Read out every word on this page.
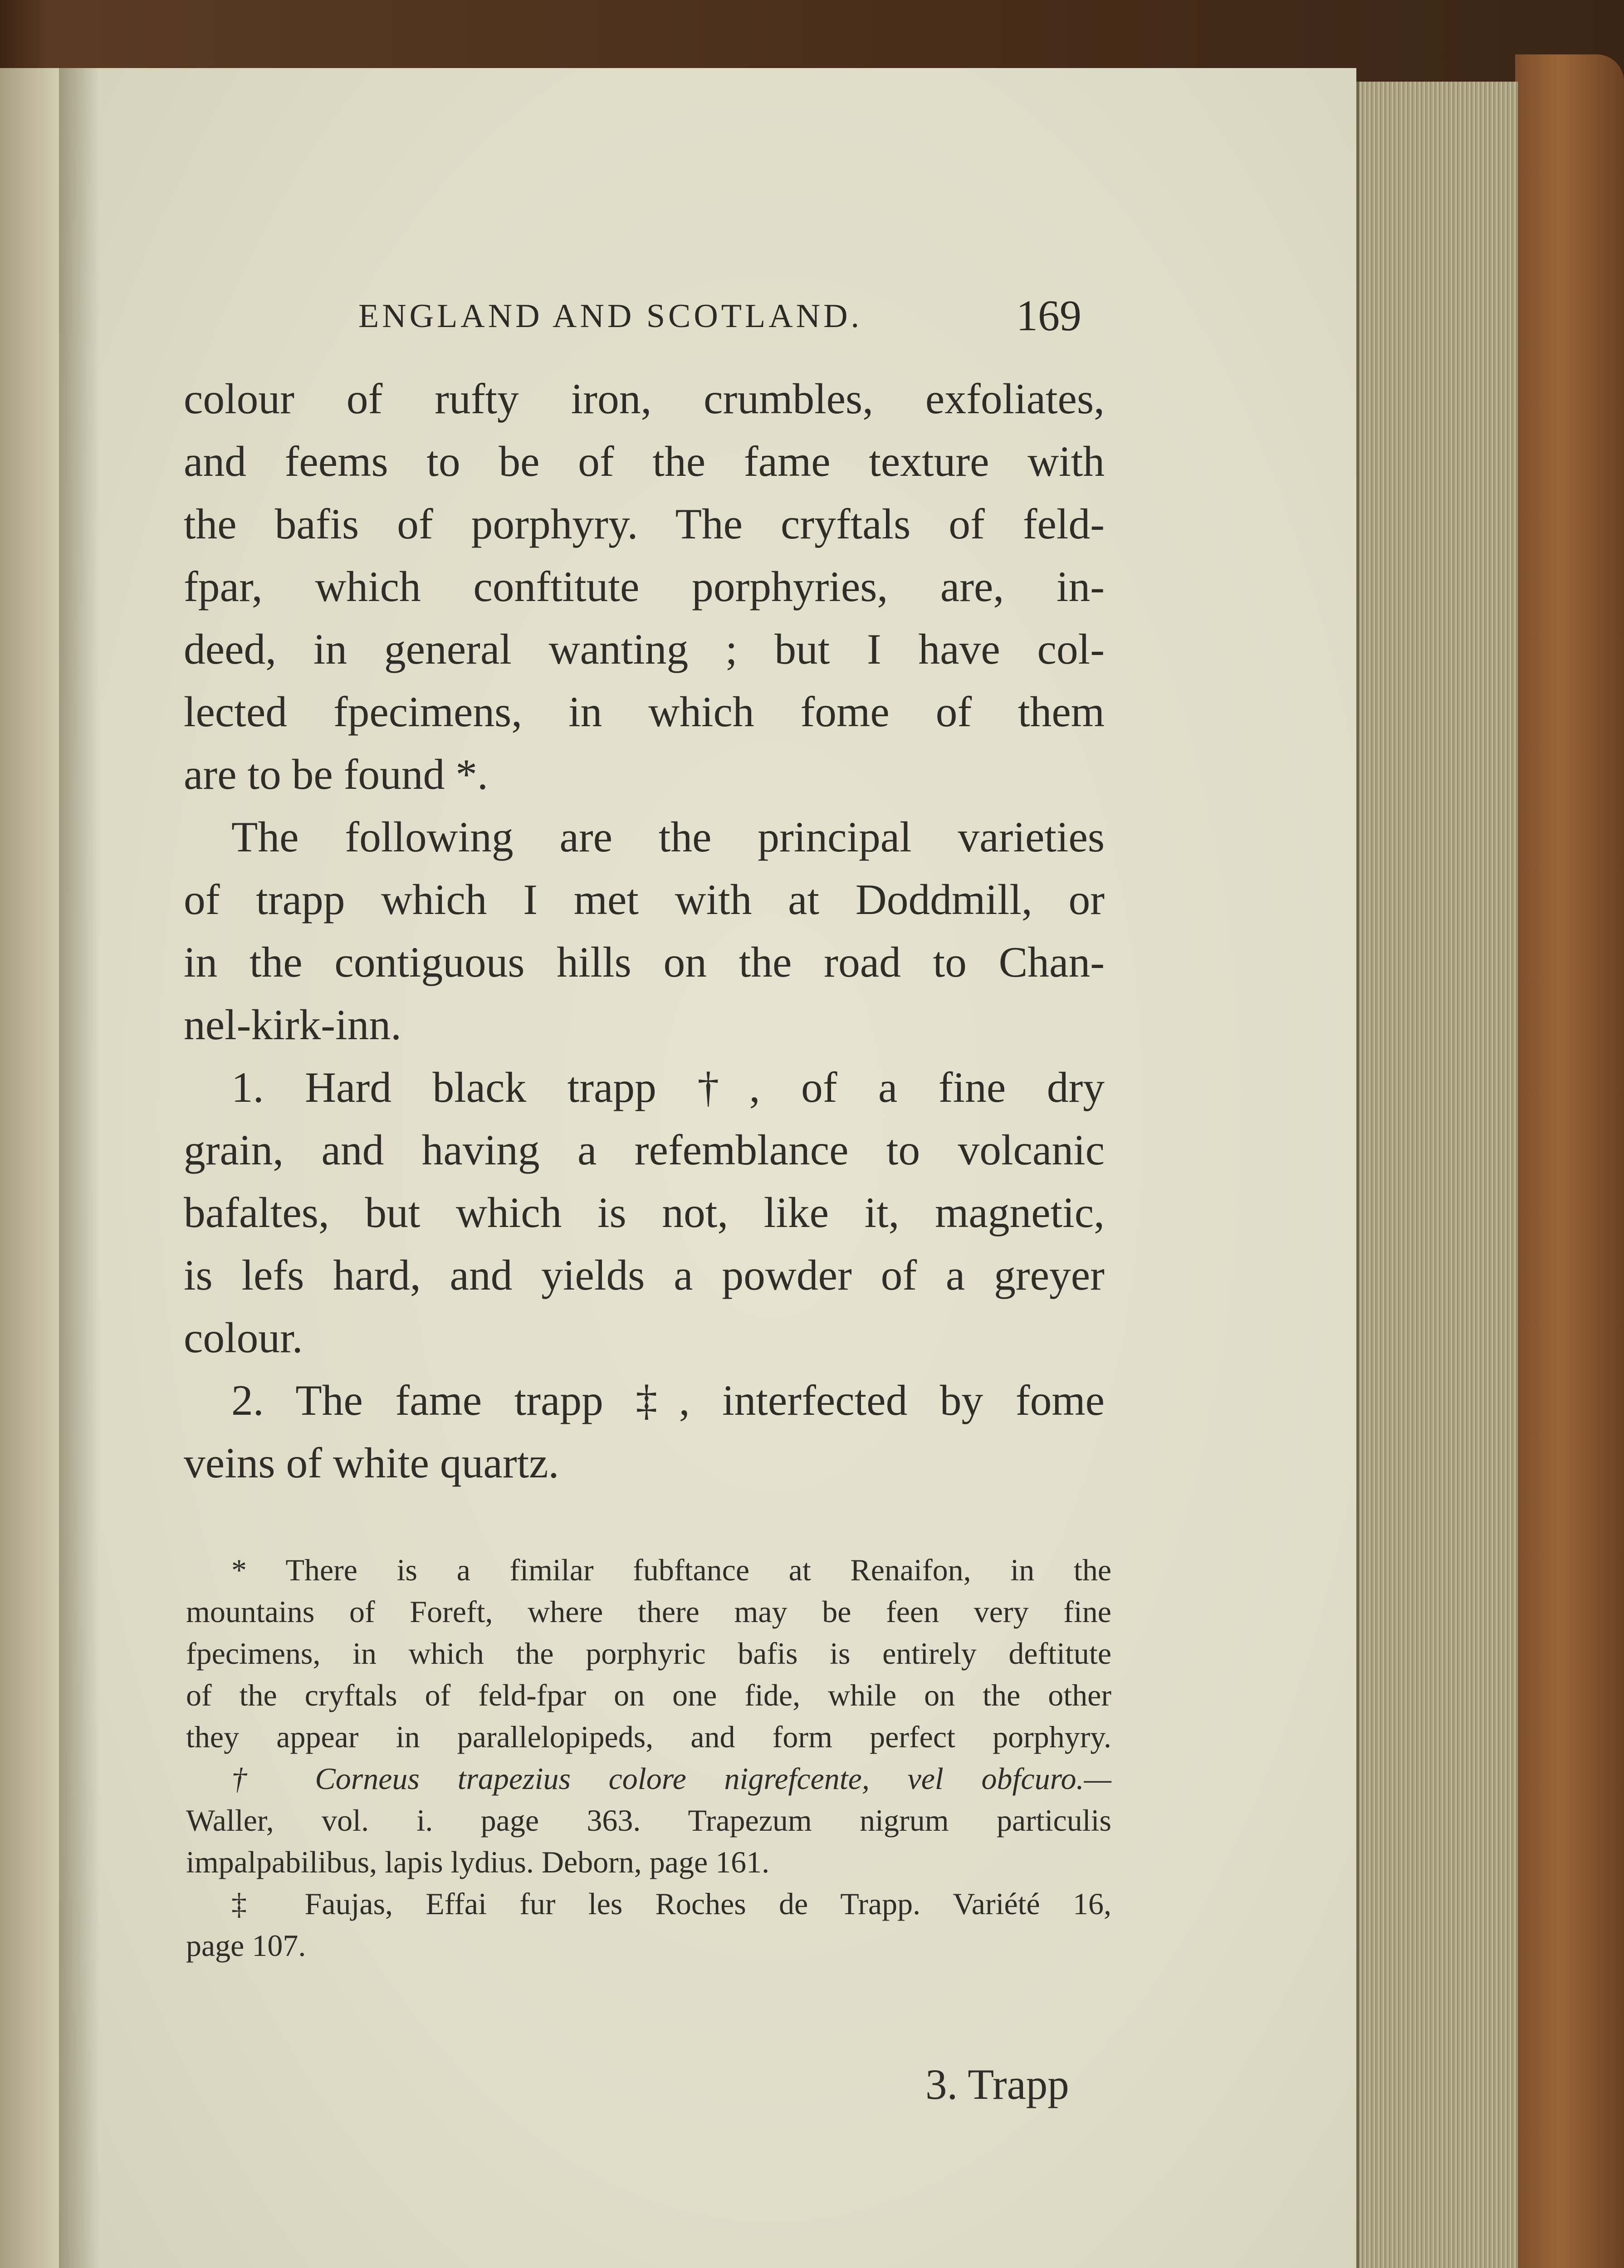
ENGLAND AND SCOTLAND.	169
colour of rufty iron, crumbles, exfoliates,
and feems to be of the fame texture with
the bafis of porphyry. The cryftals of feld-
fpar, which conftitute porphyries, are, in-
deed, in general wanting ; but I have col-
lected fpecimens, in which fome of them
are to be found *.
The following are the principal varieties
of trapp which I met with at Doddmill, or
in the contiguous hills on the road to Chan-
nel-kirk-inn.
1. Hard black trapp †, of a fine dry
grain, and having a refemblance to volcanic
bafaltes, but which is not, like it, magnetic,
is lefs hard, and yields a powder of a greyer
colour.
2. The fame trapp ‡, interfected by fome
veins of white quartz.
* There is a fimilar fubftance at Renaifon, in the
mountains of Foreft, where there may be feen very fine
fpecimens, in which the porphyric bafis is entirely deftitute
of the cryftals of feld-fpar on one fide, while on the other
they appear in parallelopipeds, and form perfect porphyry.
† Corneus trapezius colore nigrefcente, vel obfcuro.—
Waller, vol. i. page 363. Trapezum nigrum particulis
impalpabilibus, lapis lydius. Deborn, page 161.
‡ Faujas, Effai fur les Roches de Trapp. Variété 16,
page 107.
3. Trapp
